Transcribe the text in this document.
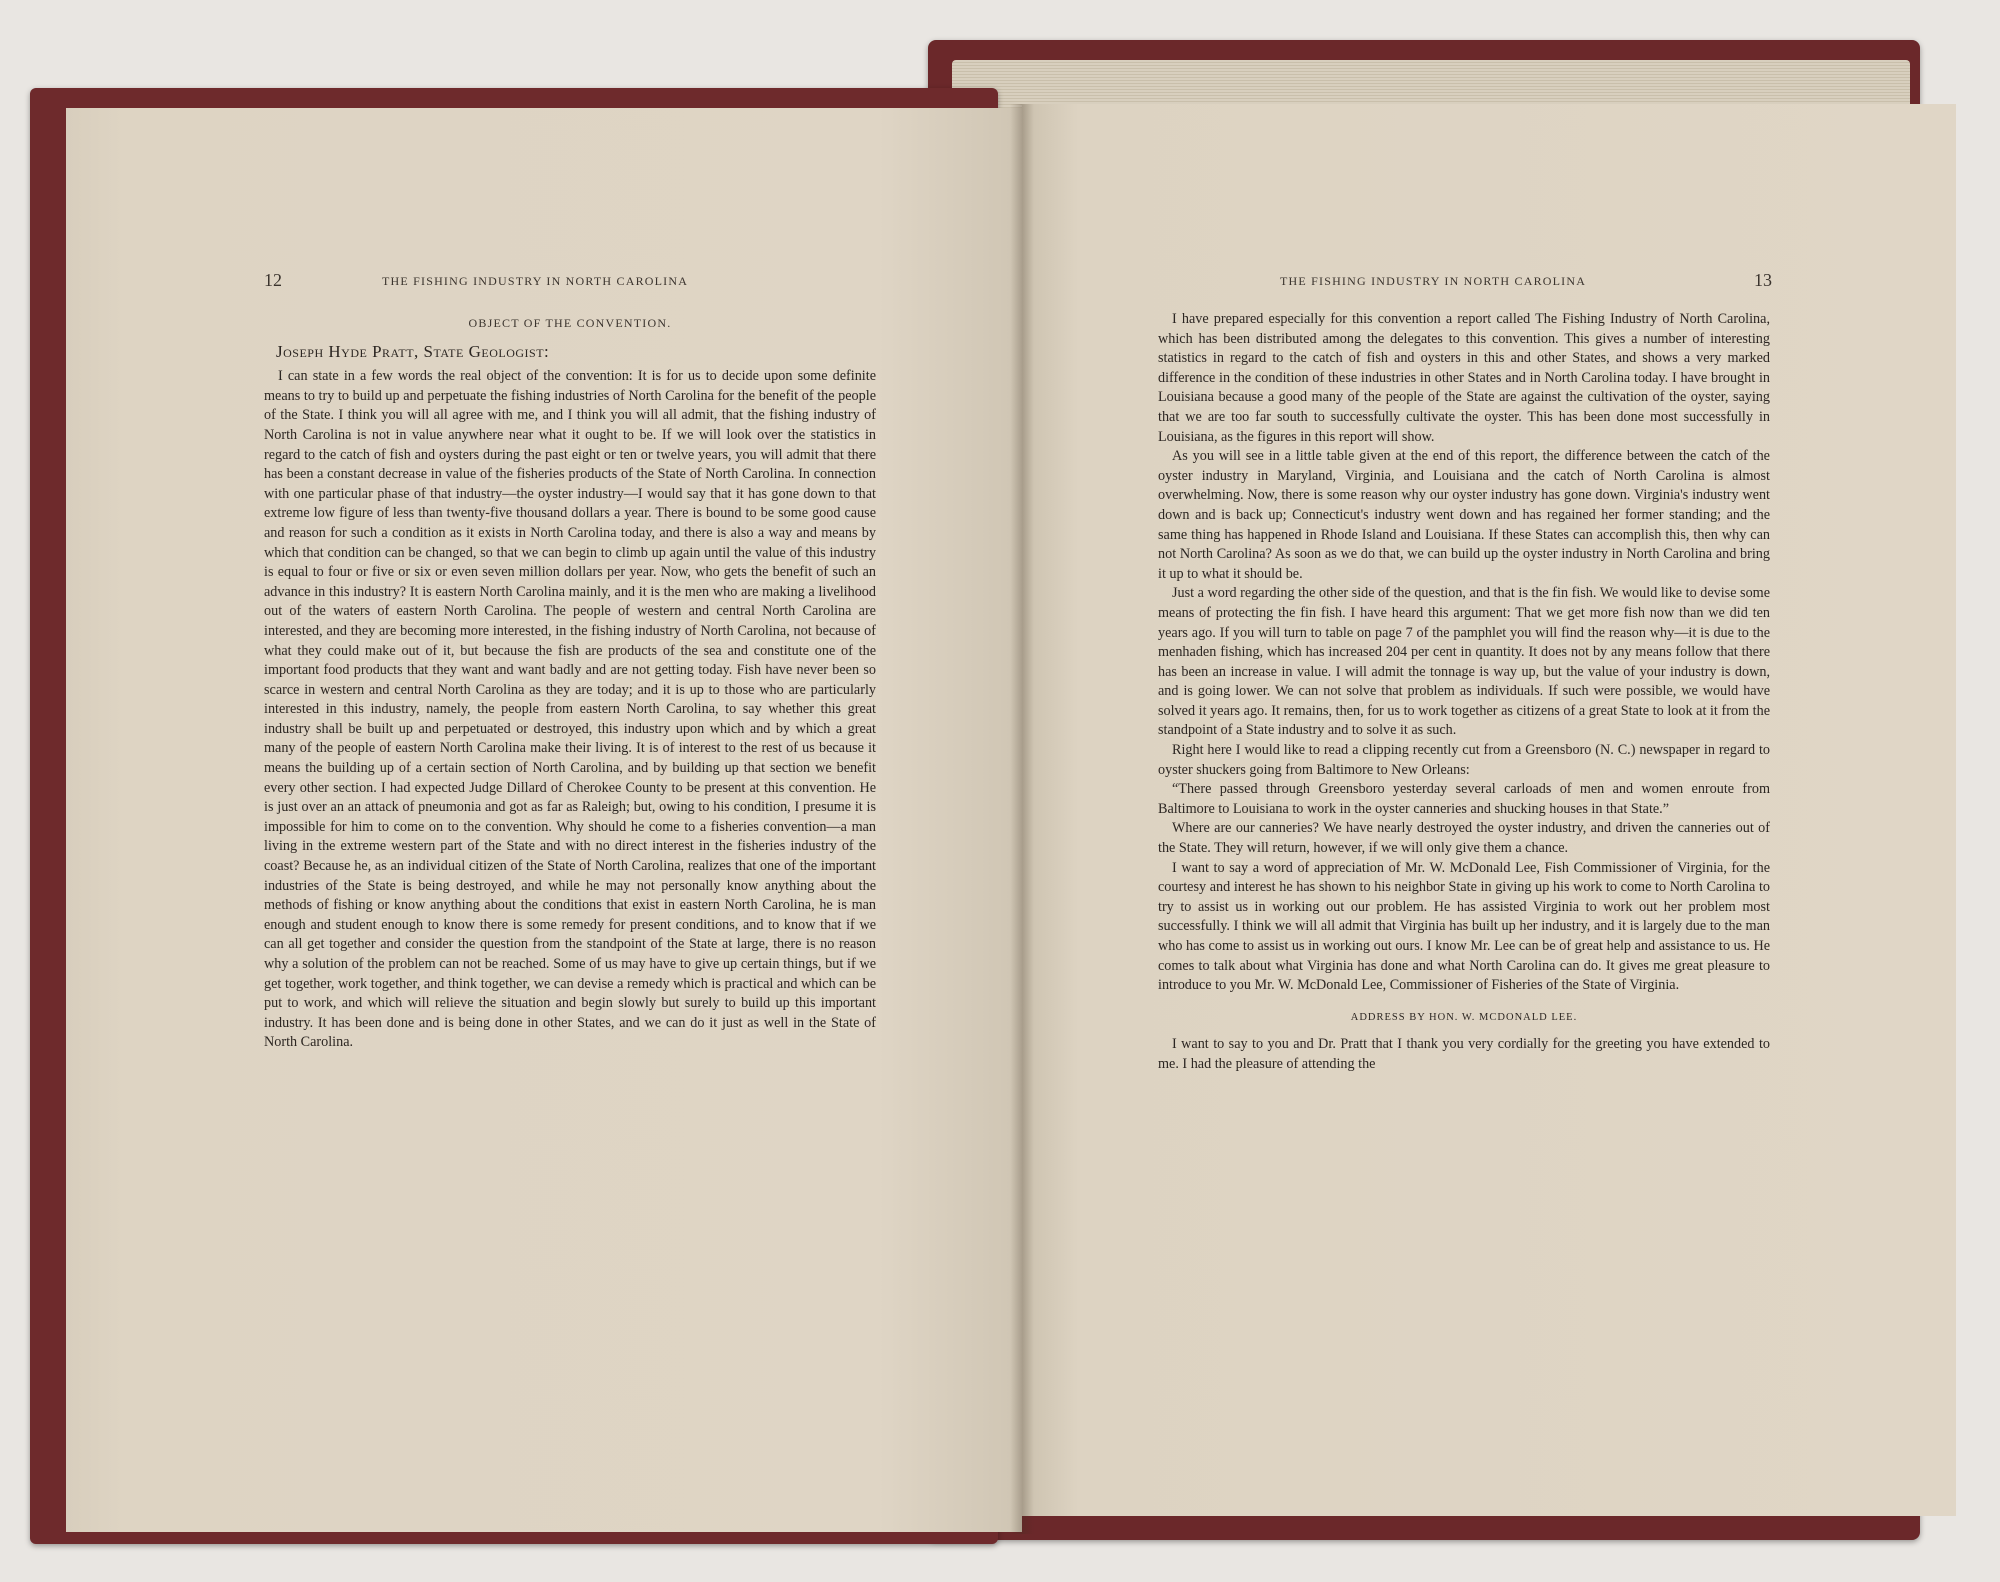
12	THE FISHING INDUSTRY IN NORTH CAROLINA
OBJECT OF THE CONVENTION.
Joseph Hyde Pratt, State Geologist:

I can state in a few words the real object of the convention: It is for us to decide upon some definite means to try to build up and perpetuate the fishing industries of North Carolina for the benefit of the people of the State. I think you will all agree with me, and I think you will all admit, that the fishing industry of North Carolina is not in value anywhere near what it ought to be. If we will look over the statistics in regard to the catch of fish and oysters during the past eight or ten or twelve years, you will admit that there has been a constant decrease in value of the fisheries products of the State of North Carolina. In connection with one particular phase of that industry—the oyster industry—I would say that it has gone down to that extreme low figure of less than twenty-five thousand dollars a year. There is bound to be some good cause and reason for such a condition as it exists in North Carolina today, and there is also a way and means by which that condition can be changed, so that we can begin to climb up again until the value of this industry is equal to four or five or six or even seven million dollars per year. Now, who gets the benefit of such an advance in this industry? It is eastern North Carolina mainly, and it is the men who are making a livelihood out of the waters of eastern North Carolina. The people of western and central North Carolina are interested, and they are becoming more interested, in the fishing industry of North Carolina, not because of what they could make out of it, but because the fish are products of the sea and constitute one of the important food products that they want and want badly and are not getting today. Fish have never been so scarce in western and central North Carolina as they are today; and it is up to those who are particularly interested in this industry, namely, the people from eastern North Carolina, to say whether this great industry shall be built up and perpetuated or destroyed, this industry upon which and by which a great many of the people of eastern North Carolina make their living. It is of interest to the rest of us because it means the building up of a certain section of North Carolina, and by building up that section we benefit every other section. I had expected Judge Dillard of Cherokee County to be present at this convention. He is just over an an attack of pneumonia and got as far as Raleigh; but, owing to his condition, I presume it is impossible for him to come on to the convention. Why should he come to a fisheries convention—a man living in the extreme western part of the State and with no direct interest in the fisheries industry of the coast? Because he, as an individual citizen of the State of North Carolina, realizes that one of the important industries of the State is being destroyed, and while he may not personally know anything about the methods of fishing or know anything about the conditions that exist in eastern North Carolina, he is man enough and student enough to know there is some remedy for present conditions, and to know that if we can all get together and consider the question from the standpoint of the State at large, there is no reason why a solution of the problem can not be reached. Some of us may have to give up certain things, but if we get together, work together, and think together, we can devise a remedy which is practical and which can be put to work, and which will relieve the situation and begin slowly but surely to build up this important industry. It has been done and is being done in other States, and we can do it just as well in the State of North Carolina.

THE FISHING INDUSTRY IN NORTH CAROLINA	13

I have prepared especially for this convention a report called The Fishing Industry of North Carolina, which has been distributed among the delegates to this convention. This gives a number of interesting statistics in regard to the catch of fish and oysters in this and other States, and shows a very marked difference in the condition of these industries in other States and in North Carolina today. I have brought in Louisiana because a good many of the people of the State are against the cultivation of the oyster, saying that we are too far south to successfully cultivate the oyster. This has been done most successfully in Louisiana, as the figures in this report will show.

As you will see in a little table given at the end of this report, the difference between the catch of the oyster industry in Maryland, Virginia, and Louisiana and the catch of North Carolina is almost overwhelming. Now, there is some reason why our oyster industry has gone down. Virginia's industry went down and is back up; Connecticut's industry went down and has regained her former standing; and the same thing has happened in Rhode Island and Louisiana. If these States can accomplish this, then why can not North Carolina? As soon as we do that, we can build up the oyster industry in North Carolina and bring it up to what it should be.

Just a word regarding the other side of the question, and that is the fin fish. We would like to devise some means of protecting the fin fish. I have heard this argument: That we get more fish now than we did ten years ago. If you will turn to table on page 7 of the pamphlet you will find the reason why—it is due to the menhaden fishing, which has increased 204 per cent in quantity. It does not by any means follow that there has been an increase in value. I will admit the tonnage is way up, but the value of your industry is down, and is going lower. We can not solve that problem as individuals. If such were possible, we would have solved it years ago. It remains, then, for us to work together as citizens of a great State to look at it from the standpoint of a State industry and to solve it as such.

Right here I would like to read a clipping recently cut from a Greensboro (N. C.) newspaper in regard to oyster shuckers going from Baltimore to New Orleans:

“There passed through Greensboro yesterday several carloads of men and women enroute from Baltimore to Louisiana to work in the oyster canneries and shucking houses in that State.”

Where are our canneries? We have nearly destroyed the oyster industry, and driven the canneries out of the State. They will return, however, if we will only give them a chance.

I want to say a word of appreciation of Mr. W. McDonald Lee, Fish Commissioner of Virginia, for the courtesy and interest he has shown to his neighbor State in giving up his work to come to North Carolina to try to assist us in working out our problem. He has assisted Virginia to work out her problem most successfully. I think we will all admit that Virginia has built up her industry, and it is largely due to the man who has come to assist us in working out ours. I know Mr. Lee can be of great help and assistance to us. He comes to talk about what Virginia has done and what North Carolina can do. It gives me great pleasure to introduce to you Mr. W. McDonald Lee, Commissioner of Fisheries of the State of Virginia.

ADDRESS BY HON. W. MCDONALD LEE.

I want to say to you and Dr. Pratt that I thank you very cordially for the greeting you have extended to me. I had the pleasure of attending the
